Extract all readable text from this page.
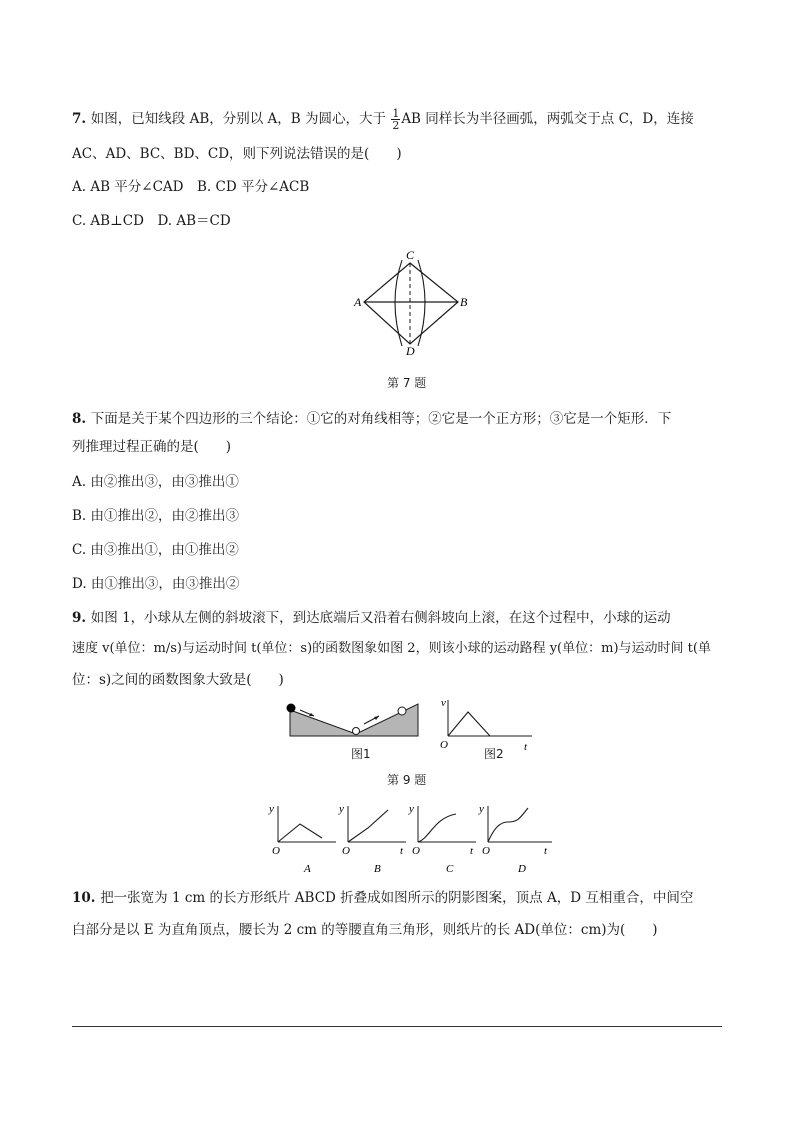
7. 如图，已知线段 AB，分别以 A，B 为圆心，大于 $\frac{1}{2}$ AB 同样长为半径画弧，两弧交于点 C，D，连接
AC、AD、BC、BD、CD，则下列说法错误的是(　　)
A. AB 平分∠CAD　B. CD 平分∠ACB
C. AB⊥CD　D. AB＝CD
C
A	B
D
第 7 题
8. 下面是关于某个四边形的三个结论：①它的对角线相等；②它是一个正方形；③它是一个矩形．下
列推理过程正确的是(　　)
A. 由②推出③，由③推出①
B. 由①推出②，由②推出③
C. 由③推出①，由①推出②
D. 由①推出③，由③推出②
9. 如图 1，小球从左侧的斜坡滚下，到达底端后又沿着右侧斜坡向上滚，在这个过程中，小球的运动
速度 v(单位：m/s)与运动时间 t(单位：s)的函数图象如图 2，则该小球的运动路程 y(单位：m)与运动时间 t(单
位：s)之间的函数图象大致是(　　)
图1
v
t
O
图2
第 9 题
y
O
A
y
O	t
B
y
O	t
C
y
O	t
D
10. 把一张宽为 1 cm 的长方形纸片 ABCD 折叠成如图所示的阴影图案，顶点 A，D 互相重合，中间空
白部分是以 E 为直角顶点，腰长为 2 cm 的等腰直角三角形，则纸片的长 AD(单位：cm)为(　　)
